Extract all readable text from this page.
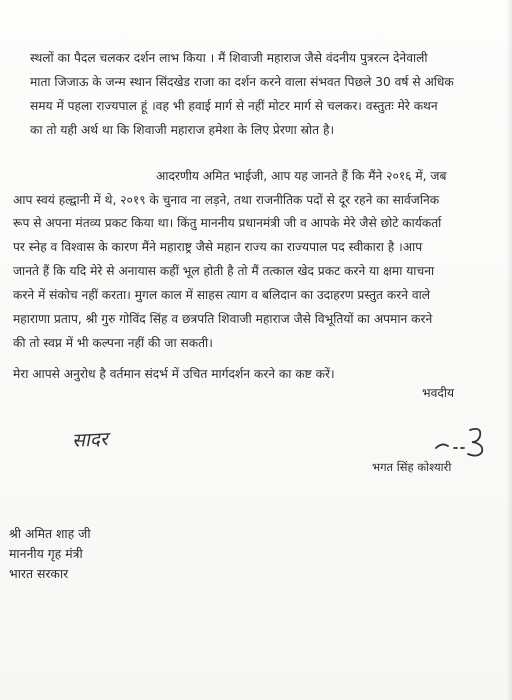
स्थलों का पैदल चलकर दर्शन लाभ किया । मैं शिवाजी महाराज जैसे वंदनीय पुत्ररत्न देनेवाली
माता जिजाऊ के जन्म स्थान सिंदखेड राजा का दर्शन करने वाला संभवत पिछले 30 वर्ष से अधिक
समय में पहला राज्यपाल हूं ।वह भी हवाई मार्ग से नहीं मोटर मार्ग से चलकर। वस्तुतः मेरे कथन
का तो यही अर्थ था कि शिवाजी महाराज हमेशा के लिए प्रेरणा स्रोत है।
आदरणीय अमित भाईजी, आप यह जानते हैं कि मैंने २०१६ में, जब
आप स्वयं हल्द्वानी में थे, २०१९ के चुनाव ना लड़ने, तथा राजनीतिक पदों से दूर रहने का सार्वजनिक
रूप से अपना मंतव्य प्रकट किया था। किंतु माननीय प्रधानमंत्री जी व आपके मेरे जैसे छोटे कार्यकर्ता
पर स्नेह व विश्वास के कारण मैंने महाराष्ट्र जैसे महान राज्य का राज्यपाल पद स्वीकारा है ।आप
जानते हैं कि यदि मेरे से अनायास कहीं भूल होती है तो मैं तत्काल खेद प्रकट करने या क्षमा याचना
करने में संकोच नहीं करता। मुगल काल में साहस त्याग व बलिदान का उदाहरण प्रस्तुत करने वाले
महाराणा प्रताप, श्री गुरु गोविंद सिंह व छत्रपति शिवाजी महाराज जैसे विभूतियों का अपमान करने
की तो स्वप्न में भी कल्पना नहीं की जा सकती।
मेरा आपसे अनुरोध है वर्तमान संदर्भ में उचित मार्गदर्शन करने का कष्ट करें।
भवदीय
सादर
भगत सिंह कोश्यारी
श्री अमित शाह जी
माननीय गृह मंत्री
भारत सरकार
